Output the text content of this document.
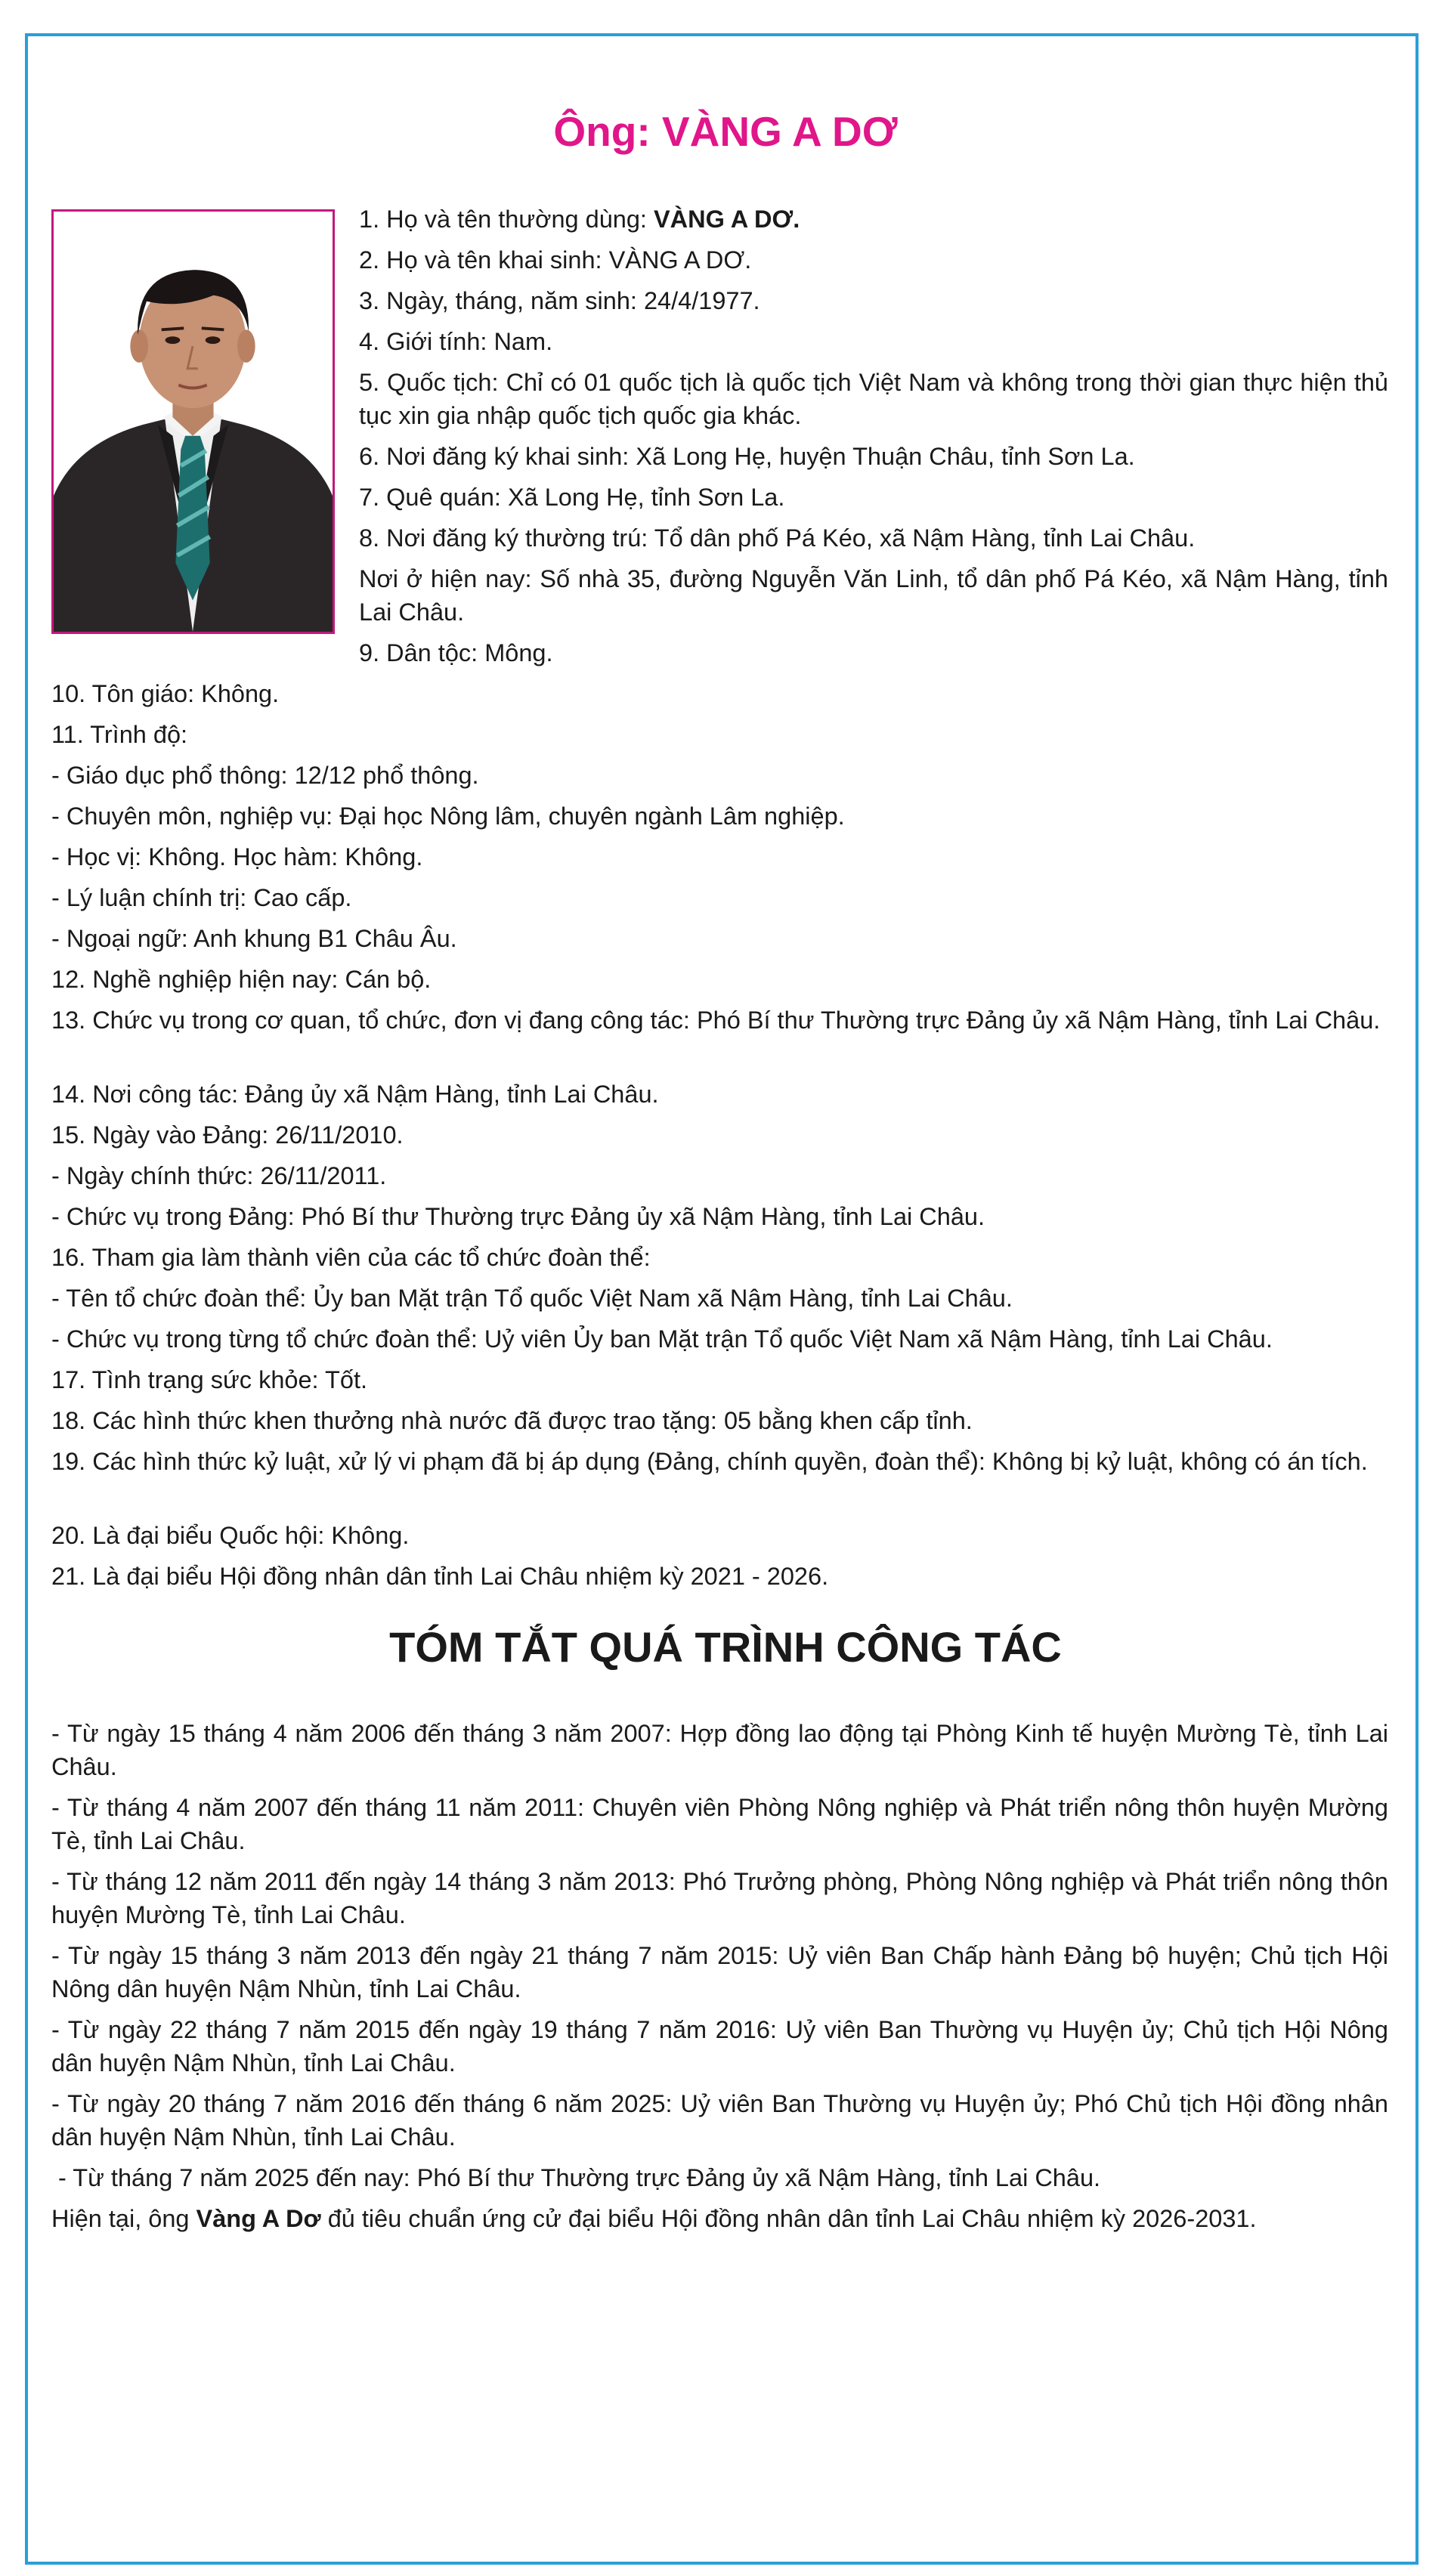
Ông: VÀNG A DƠ

1. Họ và tên thường dùng: VÀNG A DƠ.

2. Họ và tên khai sinh: VÀNG A DƠ.

3. Ngày, tháng, năm sinh: 24/4/1977.

4. Giới tính: Nam.

5. Quốc tịch: Chỉ có 01 quốc tịch là quốc tịch Việt Nam và không trong thời gian thực hiện thủ tục xin gia nhập quốc tịch quốc gia khác.

6. Nơi đăng ký khai sinh: Xã Long Hẹ, huyện Thuận Châu, tỉnh Sơn La.

7. Quê quán: Xã Long Hẹ, tỉnh Sơn La.

8. Nơi đăng ký thường trú: Tổ dân phố Pá Kéo, xã Nậm Hàng, tỉnh Lai Châu.

Nơi ở hiện nay: Số nhà 35, đường Nguyễn Văn Linh, tổ dân phố Pá Kéo, xã Nậm Hàng, tỉnh Lai Châu.

9. Dân tộc: Mông.

10. Tôn giáo: Không.

11. Trình độ:

- Giáo dục phổ thông: 12/12 phổ thông.

- Chuyên môn, nghiệp vụ: Đại học Nông lâm, chuyên ngành Lâm nghiệp.

- Học vị: Không. Học hàm: Không.

- Lý luận chính trị: Cao cấp.

- Ngoại ngữ: Anh khung B1 Châu Âu.

12. Nghề nghiệp hiện nay: Cán bộ.

13. Chức vụ trong cơ quan, tổ chức, đơn vị đang công tác: Phó Bí thư Thường trực Đảng ủy xã Nậm Hàng, tỉnh Lai Châu.

14. Nơi công tác: Đảng ủy xã Nậm Hàng, tỉnh Lai Châu.

15. Ngày vào Đảng: 26/11/2010.

- Ngày chính thức: 26/11/2011.

- Chức vụ trong Đảng: Phó Bí thư Thường trực Đảng ủy xã Nậm Hàng, tỉnh Lai Châu.

16. Tham gia làm thành viên của các tổ chức đoàn thể:

- Tên tổ chức đoàn thể: Ủy ban Mặt trận Tổ quốc Việt Nam xã Nậm Hàng, tỉnh Lai Châu.

- Chức vụ trong từng tổ chức đoàn thể: Uỷ viên Ủy ban Mặt trận Tổ quốc Việt Nam xã Nậm Hàng, tỉnh Lai Châu.

17. Tình trạng sức khỏe: Tốt.

18. Các hình thức khen thưởng nhà nước đã được trao tặng: 05 bằng khen cấp tỉnh.

19. Các hình thức kỷ luật, xử lý vi phạm đã bị áp dụng (Đảng, chính quyền, đoàn thể): Không bị kỷ luật, không có án tích.

20. Là đại biểu Quốc hội: Không.

21. Là đại biểu Hội đồng nhân dân tỉnh Lai Châu nhiệm kỳ 2021 - 2026.

TÓM TẮT QUÁ TRÌNH CÔNG TÁC

- Từ ngày 15 tháng 4 năm 2006 đến tháng 3 năm 2007: Hợp đồng lao động tại Phòng Kinh tế huyện Mường Tè, tỉnh Lai Châu.

- Từ tháng 4 năm 2007 đến tháng 11 năm 2011: Chuyên viên Phòng Nông nghiệp và Phát triển nông thôn huyện Mường Tè, tỉnh Lai Châu.

- Từ tháng 12 năm 2011 đến ngày 14 tháng 3 năm 2013: Phó Trưởng phòng, Phòng Nông nghiệp và Phát triển nông thôn huyện Mường Tè, tỉnh Lai Châu.

- Từ ngày 15 tháng 3 năm 2013 đến ngày 21 tháng 7 năm 2015: Uỷ viên Ban Chấp hành Đảng bộ huyện; Chủ tịch Hội Nông dân huyện Nậm Nhùn, tỉnh Lai Châu.

- Từ ngày 22 tháng 7 năm 2015 đến ngày 19 tháng 7 năm 2016: Uỷ viên Ban Thường vụ Huyện ủy; Chủ tịch Hội Nông dân huyện Nậm Nhùn, tỉnh Lai Châu.

- Từ ngày 20 tháng 7 năm 2016 đến tháng 6 năm 2025: Uỷ viên Ban Thường vụ Huyện ủy; Phó Chủ tịch Hội đồng nhân dân huyện Nậm Nhùn, tỉnh Lai Châu.

- Từ tháng 7 năm 2025 đến nay: Phó Bí thư Thường trực Đảng ủy xã Nậm Hàng, tỉnh Lai Châu.

Hiện tại, ông Vàng A Dơ đủ tiêu chuẩn ứng cử đại biểu Hội đồng nhân dân tỉnh Lai Châu nhiệm kỳ 2026-2031.
